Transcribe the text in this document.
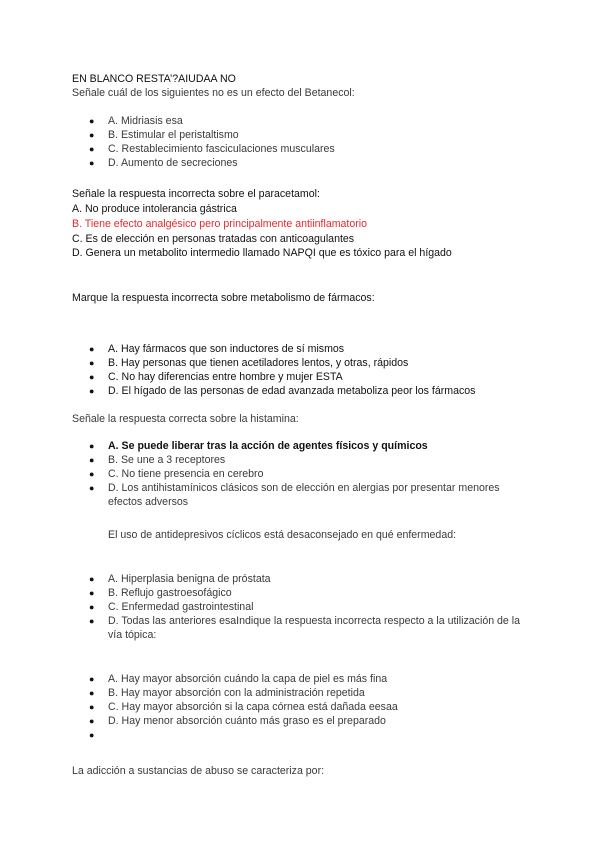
EN BLANCO RESTA’?AIUDAA NO
Señale cuál de los siguientes no es un efecto del Betanecol:
● A. Midriasis esa
● B. Estimular el peristaltismo
● C. Restablecimiento fasciculaciones musculares
● D. Aumento de secreciones
Señale la respuesta incorrecta sobre el paracetamol:
A. No produce intolerancia gástrica
B. Tiene efecto analgésico pero principalmente antiinflamatorio
C. Es de elección en personas tratadas con anticoagulantes
D. Genera un metabolito intermedio llamado NAPQI que es tóxico para el hígado
Marque la respuesta incorrecta sobre metabolismo de fármacos:
● A. Hay fármacos que son inductores de sí mismos
● B. Hay personas que tienen acetiladores lentos, y otras, rápidos
● C. No hay diferencias entre hombre y mujer ESTA
● D. El hígado de las personas de edad avanzada metaboliza peor los fármacos
Señale la respuesta correcta sobre la histamina:
● A. Se puede liberar tras la acción de agentes físicos y químicos
● B. Se une a 3 receptores
● C. No tiene presencia en cerebro
● D. Los antihistamínicos clásicos son de elección en alergias por presentar menores efectos adversos
El uso de antidepresivos cíclicos está desaconsejado en qué enfermedad:
● A. Hiperplasia benigna de próstata
● B. Reflujo gastroesofágico
● C. Enfermedad gastrointestinal
● D. Todas las anteriores esaIndique la respuesta incorrecta respecto a la utilización de la vía tópica:
● A. Hay mayor absorción cuándo la capa de piel es más fina
● B. Hay mayor absorción con la administración repetida
● C. Hay mayor absorción si la capa córnea está dañada eesaa
● D. Hay menor absorción cuánto más graso es el preparado
●
La adicción a sustancias de abuso se caracteriza por:
